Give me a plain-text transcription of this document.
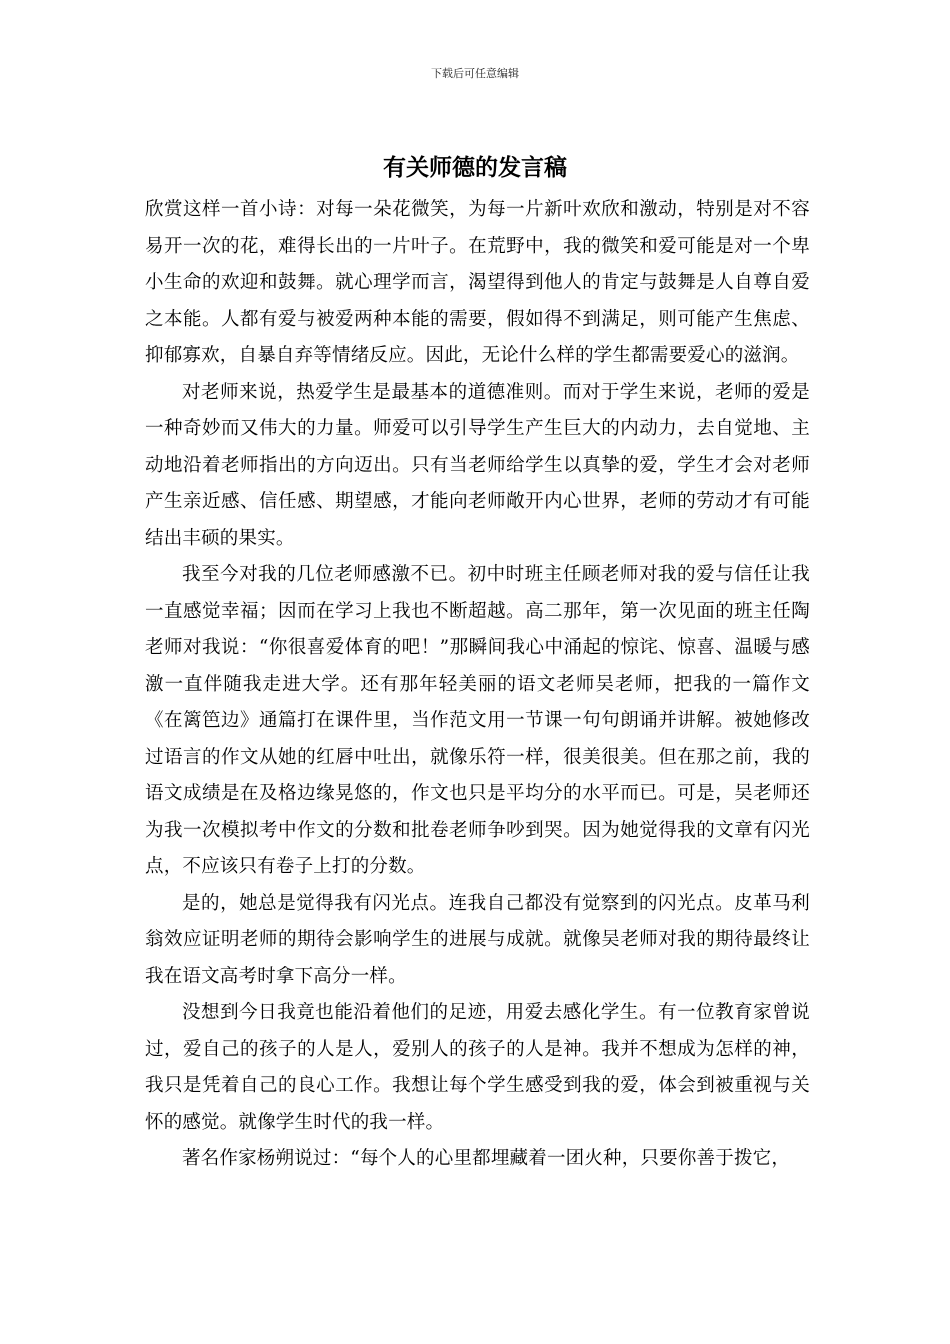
下载后可任意编辑
有关师德的发言稿

欣赏这样一首小诗：对每一朵花微笑，为每一片新叶欢欣和激动，特别是对不容易开一次的花，难得长出的一片叶子。在荒野中，我的微笑和爱可能是对一个卑小生命的欢迎和鼓舞。就心理学而言，渴望得到他人的肯定与鼓舞是人自尊自爱之本能。人都有爱与被爱两种本能的需要，假如得不到满足，则可能产生焦虑、抑郁寡欢，自暴自弃等情绪反应。因此，无论什么样的学生都需要爱心的滋润。

对老师来说，热爱学生是最基本的道德准则。而对于学生来说，老师的爱是一种奇妙而又伟大的力量。师爱可以引导学生产生巨大的内动力，去自觉地、主动地沿着老师指出的方向迈出。只有当老师给学生以真挚的爱，学生才会对老师产生亲近感、信任感、期望感，才能向老师敞开内心世界，老师的劳动才有可能结出丰硕的果实。

我至今对我的几位老师感激不已。初中时班主任顾老师对我的爱与信任让我一直感觉幸福；因而在学习上我也不断超越。高二那年，第一次见面的班主任陶老师对我说：“你很喜爱体育的吧！”那瞬间我心中涌起的惊诧、惊喜、温暖与感激一直伴随我走进大学。还有那年轻美丽的语文老师吴老师，把我的一篇作文《在篱笆边》通篇打在课件里，当作范文用一节课一句句朗诵并讲解。被她修改过语言的作文从她的红唇中吐出，就像乐符一样，很美很美。但在那之前，我的语文成绩是在及格边缘晃悠的，作文也只是平均分的水平而已。可是，吴老师还为我一次模拟考中作文的分数和批卷老师争吵到哭。因为她觉得我的文章有闪光点，不应该只有卷子上打的分数。

是的，她总是觉得我有闪光点。连我自己都没有觉察到的闪光点。皮革马利翁效应证明老师的期待会影响学生的进展与成就。就像吴老师对我的期待最终让我在语文高考时拿下高分一样。

没想到今日我竟也能沿着他们的足迹，用爱去感化学生。有一位教育家曾说过，爱自己的孩子的人是人，爱别人的孩子的人是神。我并不想成为怎样的神，我只是凭着自己的良心工作。我想让每个学生感受到我的爱，体会到被重视与关怀的感觉。就像学生时代的我一样。

著名作家杨朔说过：“每个人的心里都埋藏着一团火种，只要你善于拨它，
